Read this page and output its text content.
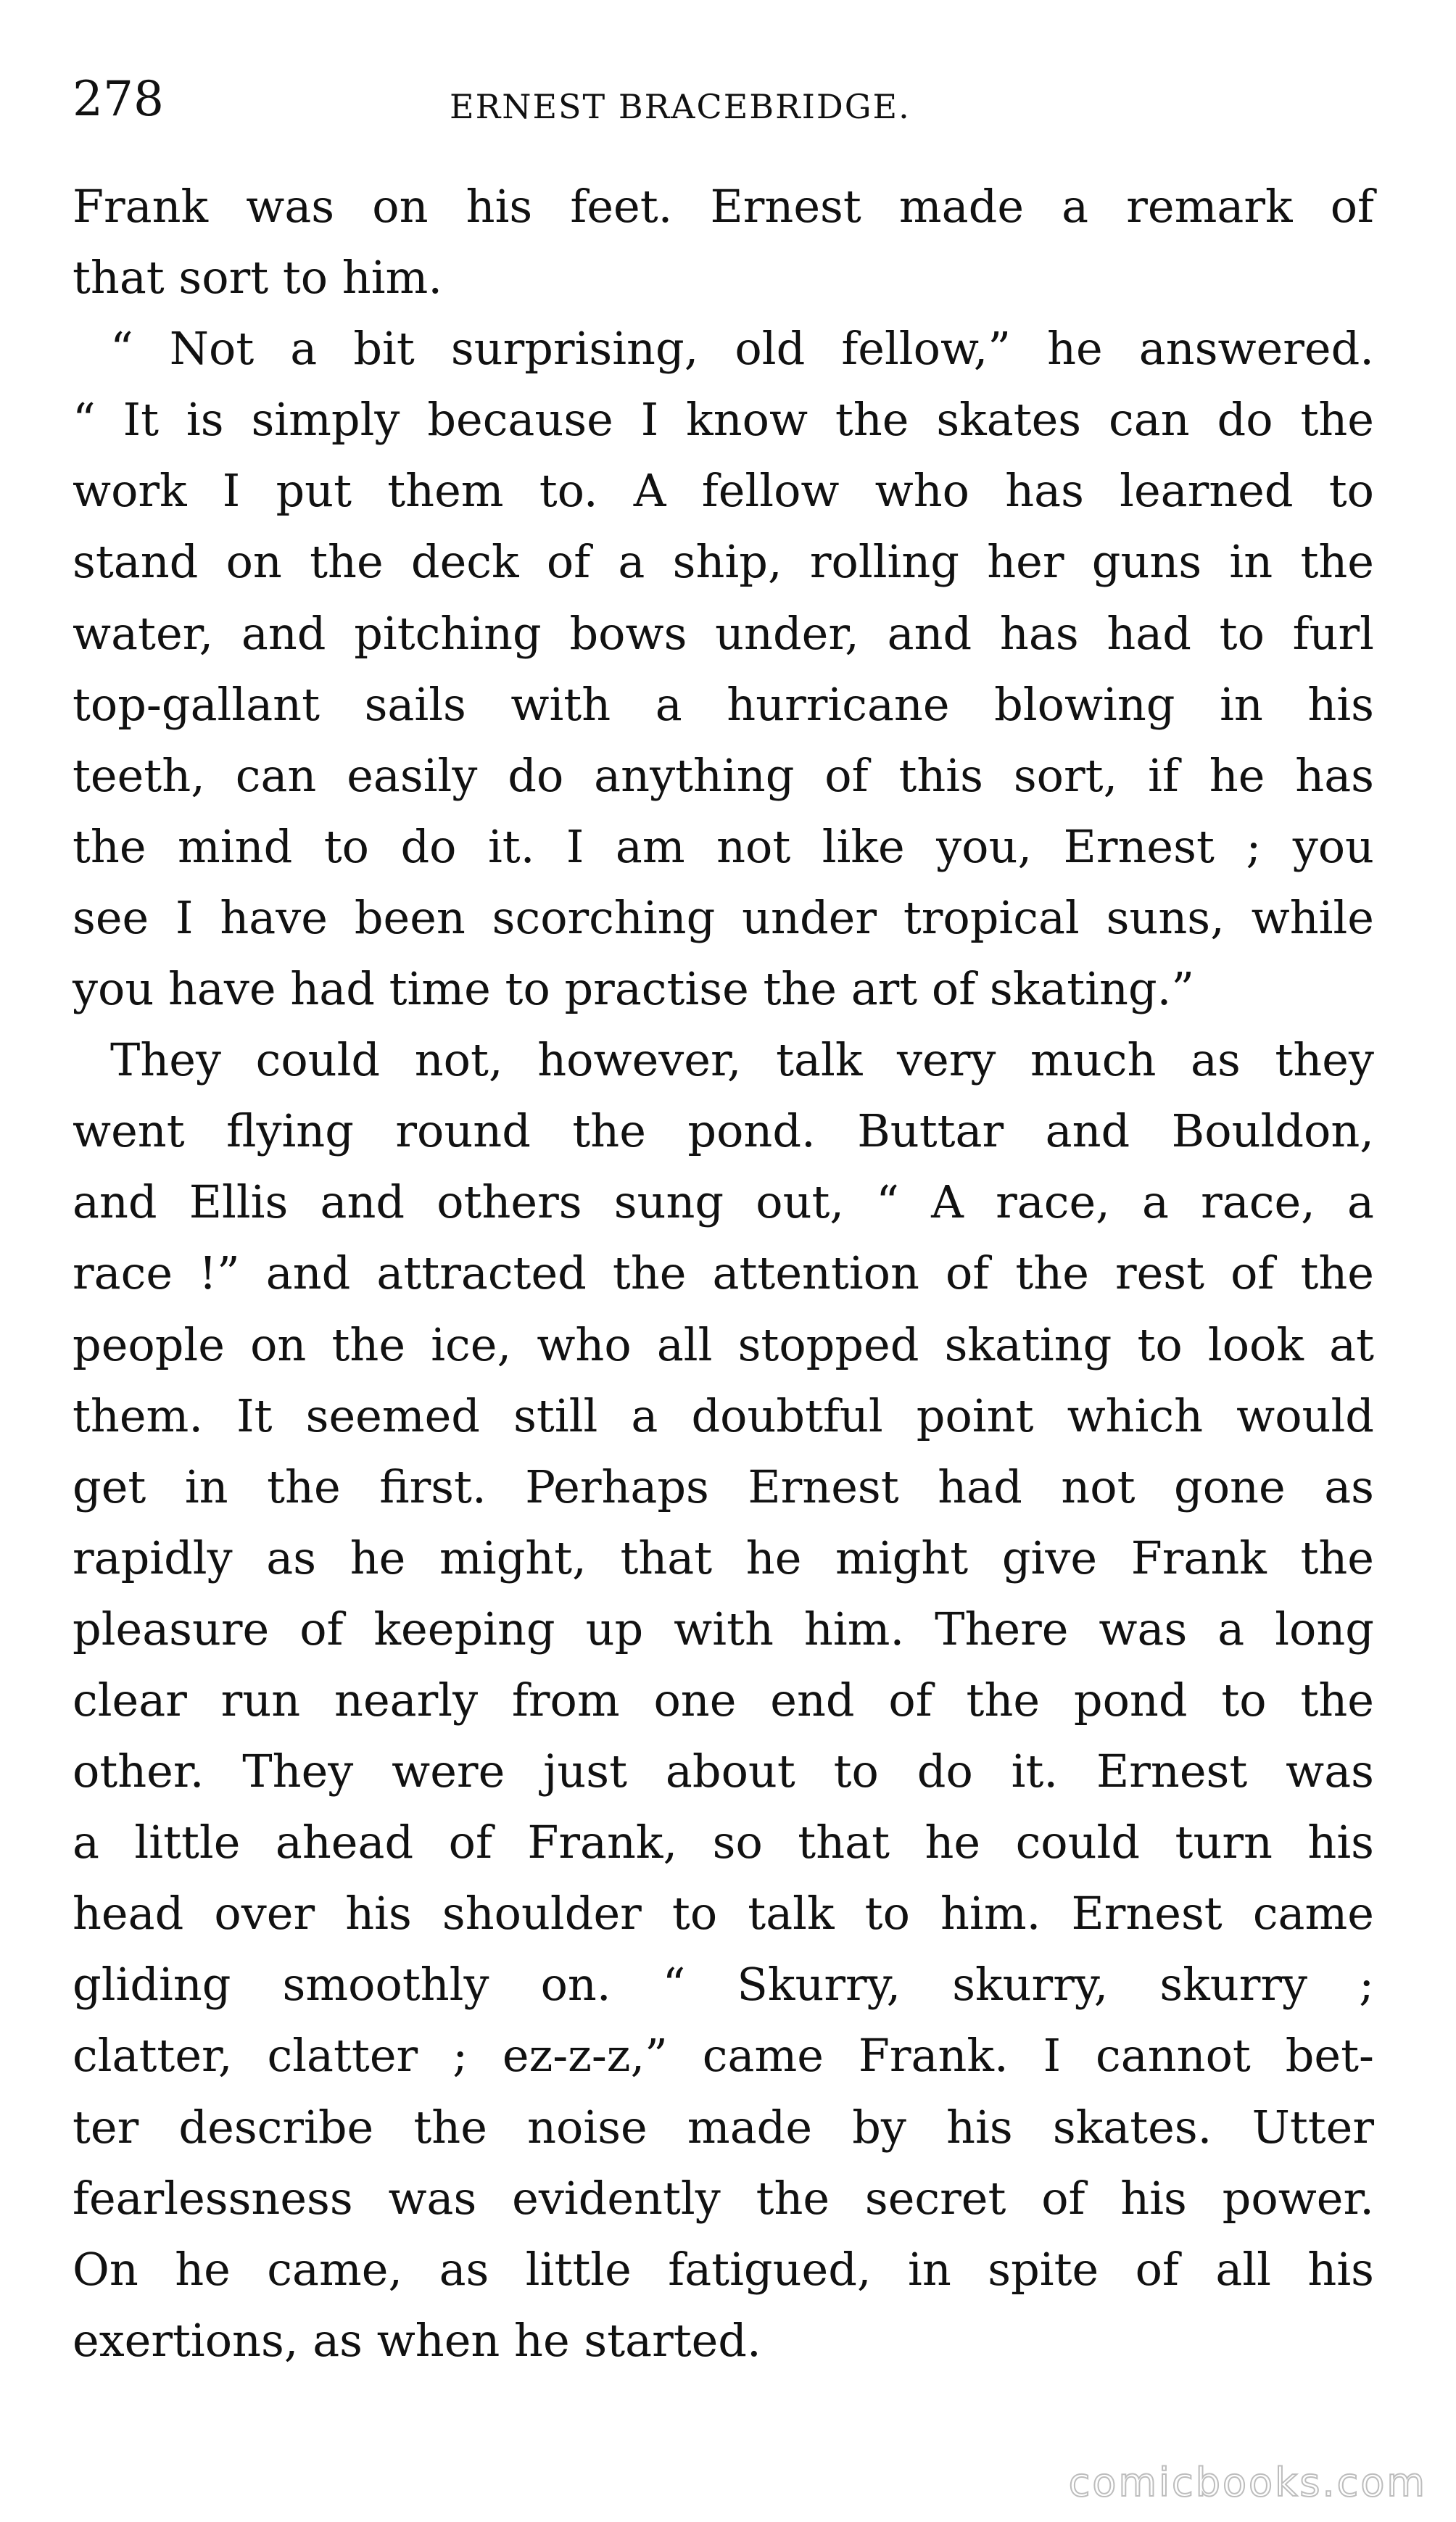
278	ERNEST BRACEBRIDGE.
Frank was on his feet. Ernest made a remark of
that sort to him.
“ Not a bit surprising, old fellow,” he answered.
“ It is simply because I know the skates can do the
work I put them to. A fellow who has learned to
stand on the deck of a ship, rolling her guns in the
water, and pitching bows under, and has had to furl
top-gallant sails with a hurricane blowing in his
teeth, can easily do anything of this sort, if he has
the mind to do it. I am not like you, Ernest ; you
see I have been scorching under tropical suns, while
you have had time to practise the art of skating.”
They could not, however, talk very much as they
went flying round the pond. Buttar and Bouldon,
and Ellis and others sung out, “ A race, a race, a
race !” and attracted the attention of the rest of the
people on the ice, who all stopped skating to look at
them. It seemed still a doubtful point which would
get in the first. Perhaps Ernest had not gone as
rapidly as he might, that he might give Frank the
pleasure of keeping up with him. There was a long
clear run nearly from one end of the pond to the
other. They were just about to do it. Ernest was
a little ahead of Frank, so that he could turn his
head over his shoulder to talk to him. Ernest came
gliding smoothly on. “ Skurry, skurry, skurry ;
clatter, clatter ; ez-z-z,” came Frank. I cannot bet-
ter describe the noise made by his skates. Utter
fearlessness was evidently the secret of his power.
On he came, as little fatigued, in spite of all his
exertions, as when he started.
comicbooks.com
